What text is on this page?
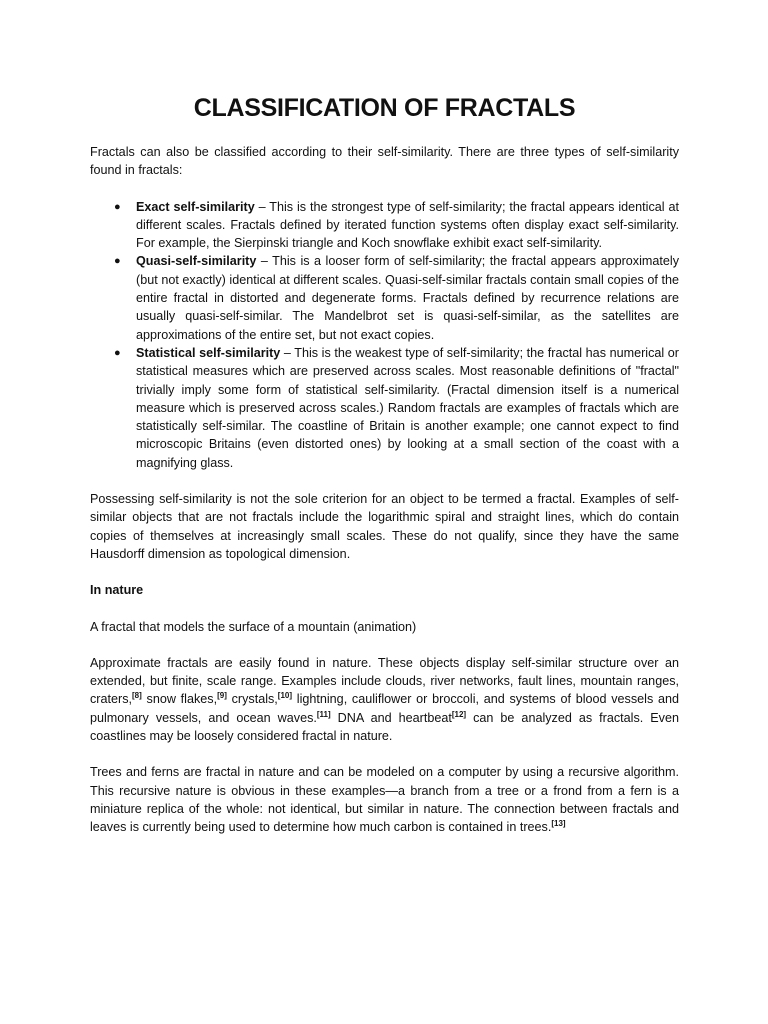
CLASSIFICATION OF FRACTALS

Fractals can also be classified according to their self-similarity. There are three types of self-similarity found in fractals:

● Exact self-similarity – This is the strongest type of self-similarity; the fractal appears identical at different scales. Fractals defined by iterated function systems often display exact self-similarity. For example, the Sierpinski triangle and Koch snowflake exhibit exact self-similarity.
● Quasi-self-similarity – This is a looser form of self-similarity; the fractal appears approximately (but not exactly) identical at different scales. Quasi-self-similar fractals contain small copies of the entire fractal in distorted and degenerate forms. Fractals defined by recurrence relations are usually quasi-self-similar. The Mandelbrot set is quasi-self-similar, as the satellites are approximations of the entire set, but not exact copies.
● Statistical self-similarity – This is the weakest type of self-similarity; the fractal has numerical or statistical measures which are preserved across scales. Most reasonable definitions of "fractal" trivially imply some form of statistical self-similarity. (Fractal dimension itself is a numerical measure which is preserved across scales.) Random fractals are examples of fractals which are statistically self-similar. The coastline of Britain is another example; one cannot expect to find microscopic Britains (even distorted ones) by looking at a small section of the coast with a magnifying glass.

Possessing self-similarity is not the sole criterion for an object to be termed a fractal. Examples of self-similar objects that are not fractals include the logarithmic spiral and straight lines, which do contain copies of themselves at increasingly small scales. These do not qualify, since they have the same Hausdorff dimension as topological dimension.

In nature

A fractal that models the surface of a mountain (animation)

Approximate fractals are easily found in nature. These objects display self-similar structure over an extended, but finite, scale range. Examples include clouds, river networks, fault lines, mountain ranges, craters,[8] snow flakes,[9] crystals,[10] lightning, cauliflower or broccoli, and systems of blood vessels and pulmonary vessels, and ocean waves.[11] DNA and heartbeat[12] can be analyzed as fractals. Even coastlines may be loosely considered fractal in nature.

Trees and ferns are fractal in nature and can be modeled on a computer by using a recursive algorithm. This recursive nature is obvious in these examples—a branch from a tree or a frond from a fern is a miniature replica of the whole: not identical, but similar in nature. The connection between fractals and leaves is currently being used to determine how much carbon is contained in trees.[13]
